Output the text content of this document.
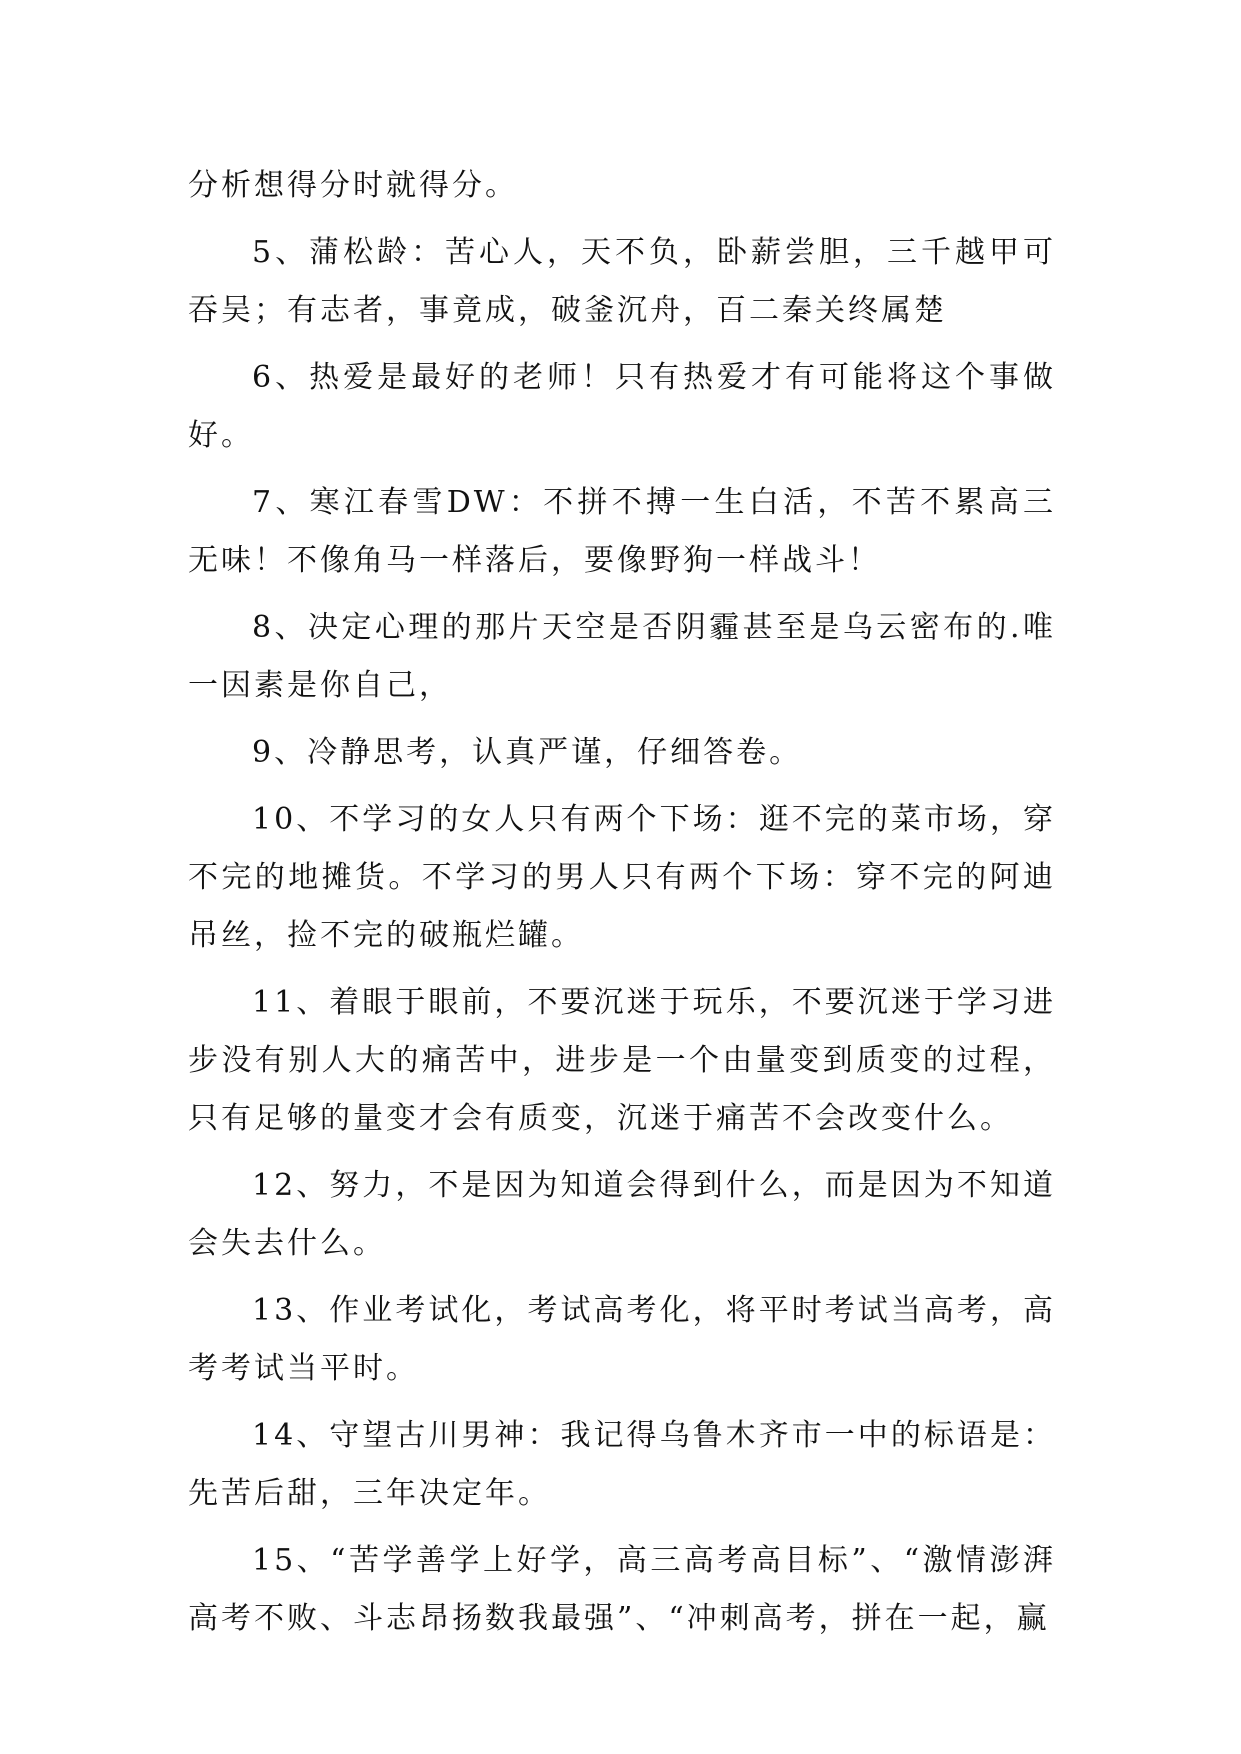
分析想得分时就得分。

5、蒲松龄：苦心人，天不负，卧薪尝胆，三千越甲可吞吴；有志者，事竟成，破釜沉舟，百二秦关终属楚

6、热爱是最好的老师！只有热爱才有可能将这个事做好。

7、寒江春雪DW：不拼不搏一生白活，不苦不累高三无味！不像角马一样落后，要像野狗一样战斗！

8、决定心理的那片天空是否阴霾甚至是乌云密布的.唯一因素是你自己，

9、冷静思考，认真严谨，仔细答卷。

10、不学习的女人只有两个下场：逛不完的菜市场，穿不完的地摊货。不学习的男人只有两个下场：穿不完的阿迪吊丝，捡不完的破瓶烂罐。

11、着眼于眼前，不要沉迷于玩乐，不要沉迷于学习进步没有别人大的痛苦中，进步是一个由量变到质变的过程，只有足够的量变才会有质变，沉迷于痛苦不会改变什么。

12、努力，不是因为知道会得到什么，而是因为不知道会失去什么。

13、作业考试化，考试高考化，将平时考试当高考，高考考试当平时。

14、守望古川男神：我记得乌鲁木齐市一中的标语是：先苦后甜，三年决定年。

15、“苦学善学上好学，高三高考高目标”、“激情澎湃高考不败、斗志昂扬数我最强”、“冲刺高考，拼在一起，赢
